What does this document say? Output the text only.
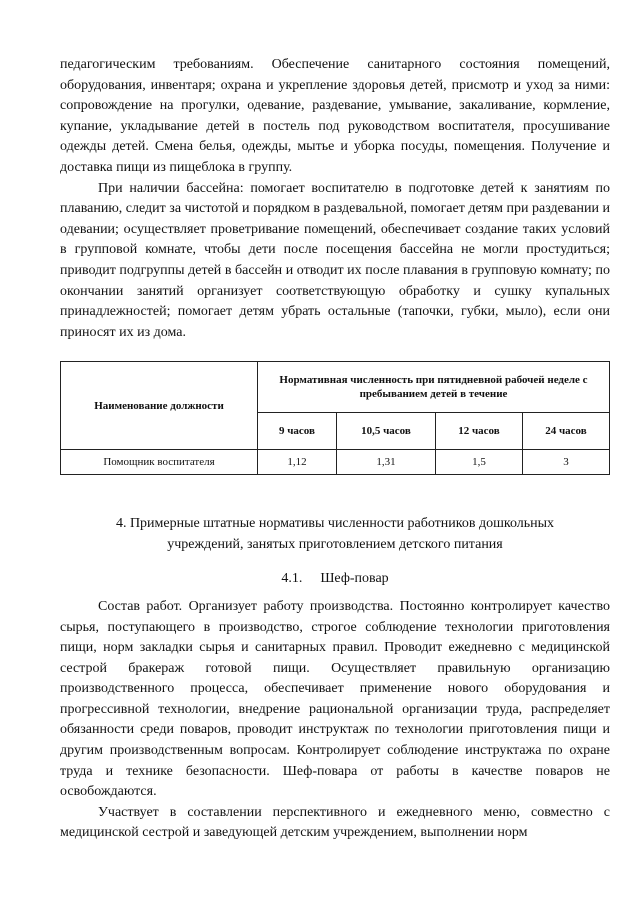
педагогическим требованиям. Обеспечение санитарного состояния помещений, оборудования, инвентаря; охрана и укрепление здоровья детей, присмотр и уход за ними: сопровождение на прогулки, одевание, раздевание, умывание, закаливание, кормление, купание, укладывание детей в постель под руководством воспитателя, просушивание одежды детей. Смена белья, одежды, мытье и уборка посуды, помещения. Получение и доставка пищи из пищеблока в группу.

При наличии бассейна: помогает воспитателю в подготовке детей к занятиям по плаванию, следит за чистотой и порядком в раздевальной, помогает детям при раздевании и одевании; осуществляет проветривание помещений, обеспечивает создание таких условий в групповой комнате, чтобы дети после посещения бассейна не могли простудиться; приводит подгруппы детей в бассейн и отводит их после плавания в групповую комнату; по окончании занятий организует соответствующую обработку и сушку купальных принадлежностей; помогает детям убрать остальные (тапочки, губки, мыло), если они приносят их из дома.

Наименование должности	Нормативная численность при пятидневной рабочей неделе с пребыванием детей в течение			
	9 часов	10,5 часов	12 часов	24 часов
Помощник воспитателя	1,12	1,31	1,5	3
4. Примерные штатные нормативы численности работников дошкольных учреждений, занятых приготовлением детского питания
4.1. Шеф-повар

Состав работ. Организует работу производства. Постоянно контролирует качество сырья, поступающего в производство, строгое соблюдение технологии приготовления пищи, норм закладки сырья и санитарных правил. Проводит ежедневно с медицинской сестрой бракераж готовой пищи. Осуществляет правильную организацию производственного процесса, обеспечивает применение нового оборудования и прогрессивной технологии, внедрение рациональной организации труда, распределяет обязанности среди поваров, проводит инструктаж по технологии приготовления пищи и другим производственным вопросам. Контролирует соблюдение инструктажа по охране труда и технике безопасности. Шеф-повара от работы в качестве поваров не освобождаются.

Участвует в составлении перспективного и ежедневного меню, совместно с медицинской сестрой и заведующей детским учреждением, выполнении норм
